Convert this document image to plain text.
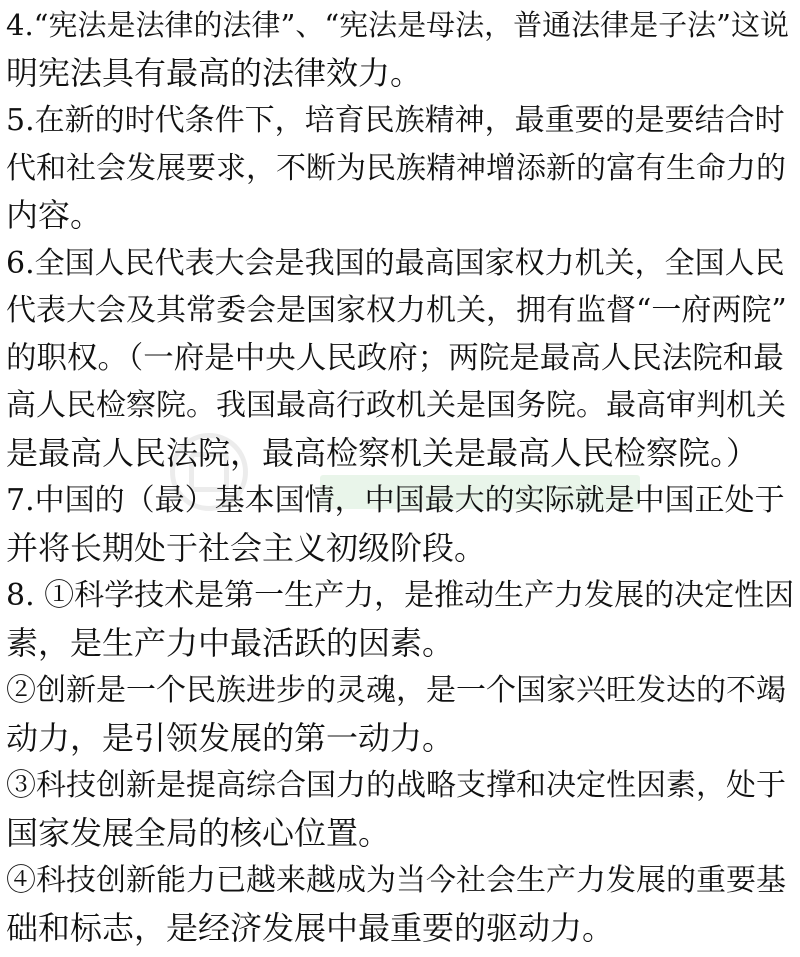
4.“宪法是法律的法律”、“宪法是母法，普通法律是子法”这说
明宪法具有最高的法律效力。
5.在新的时代条件下，培育民族精神，最重要的是要结合时
代和社会发展要求，不断为民族精神增添新的富有生命力的
内容。
6.全国人民代表大会是我国的最高国家权力机关，全国人民
代表大会及其常委会是国家权力机关，拥有监督“一府两院”
的职权。（一府是中央人民政府；两院是最高人民法院和最
高人民检察院。我国最高行政机关是国务院。最高审判机关
是最高人民法院，最高检察机关是最高人民检察院。）
7.中国的（最）基本国情，中国最大的实际就是中国正处于
并将长期处于社会主义初级阶段。
8. ①科学技术是第一生产力，是推动生产力发展的决定性因
素，是生产力中最活跃的因素。
②创新是一个民族进步的灵魂，是一个国家兴旺发达的不竭
动力，是引领发展的第一动力。
③科技创新是提高综合国力的战略支撑和决定性因素，处于
国家发展全局的核心位置。
④科技创新能力已越来越成为当今社会生产力发展的重要基
础和标志，是经济发展中最重要的驱动力。
